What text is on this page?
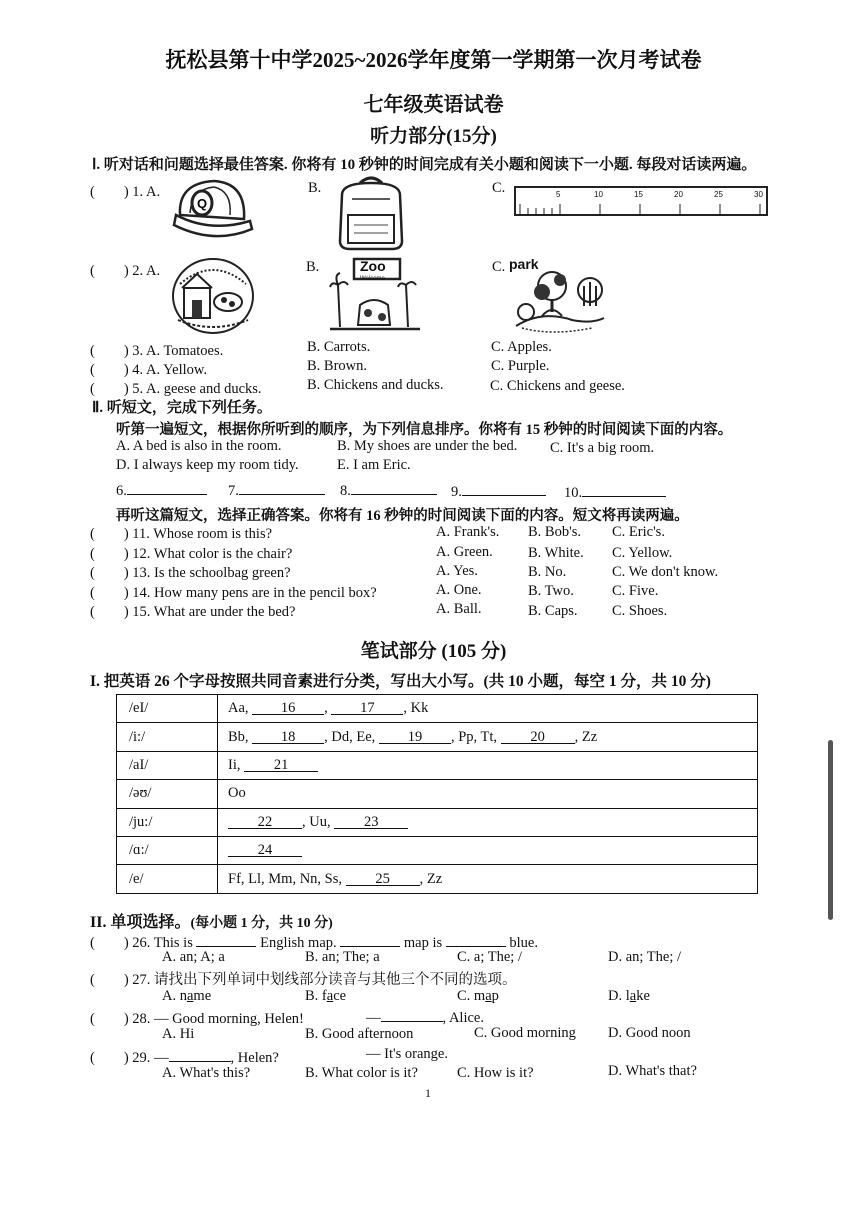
抚松县第十中学2025~2026学年度第一学期第一次月考试卷
七年级英语试卷
听力部分(15分)
Ⅰ. 听对话和问题选择最佳答案. 你将有 10 秒钟的时间完成有关小题和阅读下一小题. 每段对话读两遍。
(　　) 1. A.	B.	C.
Q
5	10	15	20	25	30
(　　) 2. A.	B.	C.
Zoo
Welcome
park
(　　) 3. A. Tomatoes.	B. Carrots.	C. Apples.
(　　) 4. A. Yellow.	B. Brown.	C. Purple.
(　　) 5. A. geese and ducks.	B. Chickens and ducks.	C. Chickens and geese.
Ⅱ. 听短文，完成下列任务。
听第一遍短文，根据你所听到的顺序，为下列信息排序。你将有 15 秒钟的时间阅读下面的内容。
A. A bed is also in the room.	B. My shoes are under the bed. C. It's a big room.
D. I always keep my room tidy.	E. I am Eric.
6.	7.	8.	9.	10.
再听这篇短文，选择正确答案。你将有 16 秒钟的时间阅读下面的内容。短文将再读两遍。
(　　) 11. Whose room is this?	A. Frank's. B. Bob's. C. Eric's.
(　　) 12. What color is the chair?	A. Green. B. White. C. Yellow.
(　　) 13. Is the schoolbag green?	A. Yes.	B. No.	C. We don't know.
(　　) 14. How many pens are in the pencil box?	A. One.	B. Two.	C. Five.
(　　) 15. What are under the bed?	A. Ball.	B. Caps. C. Shoes.
笔试部分 (105 分)
I. 把英语 26 个字母按照共同音素进行分类，写出大小写。(共 10 小题，每空 1 分，共 10 分)
/eI/	Aa, 16 , 17 , Kk
/i:/	Bb, 18 , Dd, Ee, 19 , Pp, Tt, 20 , Zz
/aI/	Ii, 21
/əʊ/	Oo
/ju:/	22 , Uu, 23
/ɑ:/	24
/e/	Ff, Ll, Mm, Nn, Ss, 25 , Zz
II. 单项选择。(每小题 1 分，共 10 分)
(　　) 26. This is	English map.	map is	blue.
A. an; A; a	B. an; The; a	C. a; The; /	D. an; The; /
(　　) 27. 请找出下列单词中划线部分读音与其他三个不同的选项。
A. name	B. face	C. map	D. lake
(　　) 28. — Good morning, Helen!	—	, Alice.
A. Hi	B. Good afternoon	C. Good morning D. Good noon
(　　) 29. —	, Helen?	— It's orange.
A. What's this?	B. What color is it?	C. How is it?	D. What's that?
1
